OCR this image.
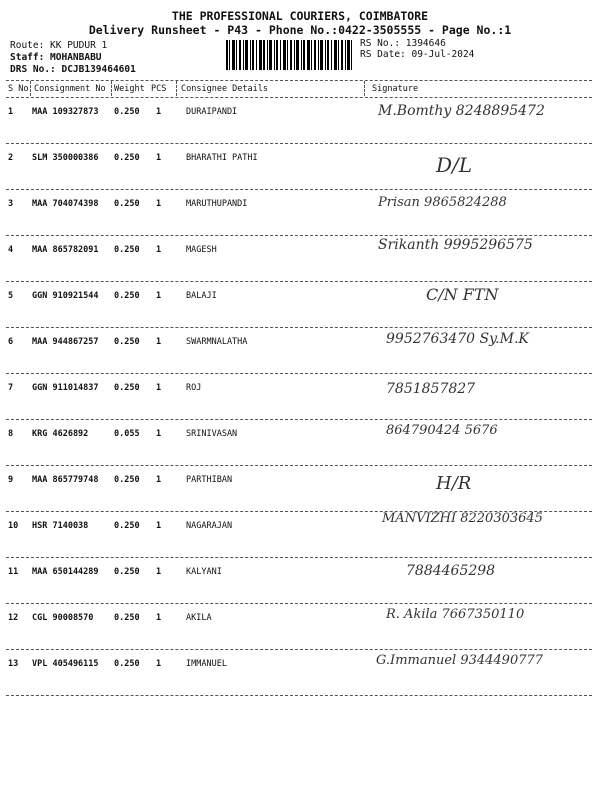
THE PROFESSIONAL COURIERS, COIMBATORE
Delivery Runsheet - P43 - Phone No.:0422-3505555 - Page No.:1
Route: KK PUDUR 1
Staff: MOHANBABU
DRS No.: DCJB139464601
RS No.: 1394646
RS Date: 09-Jul-2024
S No Consignment No Weight PCS Consignee Details	Signature
1 MAA 109327873 0.250 1	DURAIPANDI	M.Bomthy 8248895472
2 SLM 350000386 0.250 1	BHARATHI PATHI	D/L
3 MAA 704074398 0.250 1	MARUTHUPANDI	Prisan 9865824288
4 MAA 865782091 0.250 1	MAGESH	Srikanth 9995296575
5 GGN 910921544 0.250 1	BALAJI	C/N FTN
6 MAA 944867257 0.250 1	SWARMNALATHA	9952763470 Sy.M.K
7 GGN 911014837 0.250 1	ROJ	7851857827
8 KRG 4626892	0.055 1	SRINIVASAN	864790424 5676
9 MAA 865779748 0.250 1	PARTHIBAN	H/R
10 HSR 7140038	0.250 1	NAGARAJAN	MANVIZHI 8220303645
11 MAA 650144289 0.250 1	KALYANI	7884465298
12 CGL 90008570 0.250 1	AKILA	R. Akila 7667350110
13 VPL 405496115 0.250 1	IMMANUEL	G.Immanuel 9344490777
